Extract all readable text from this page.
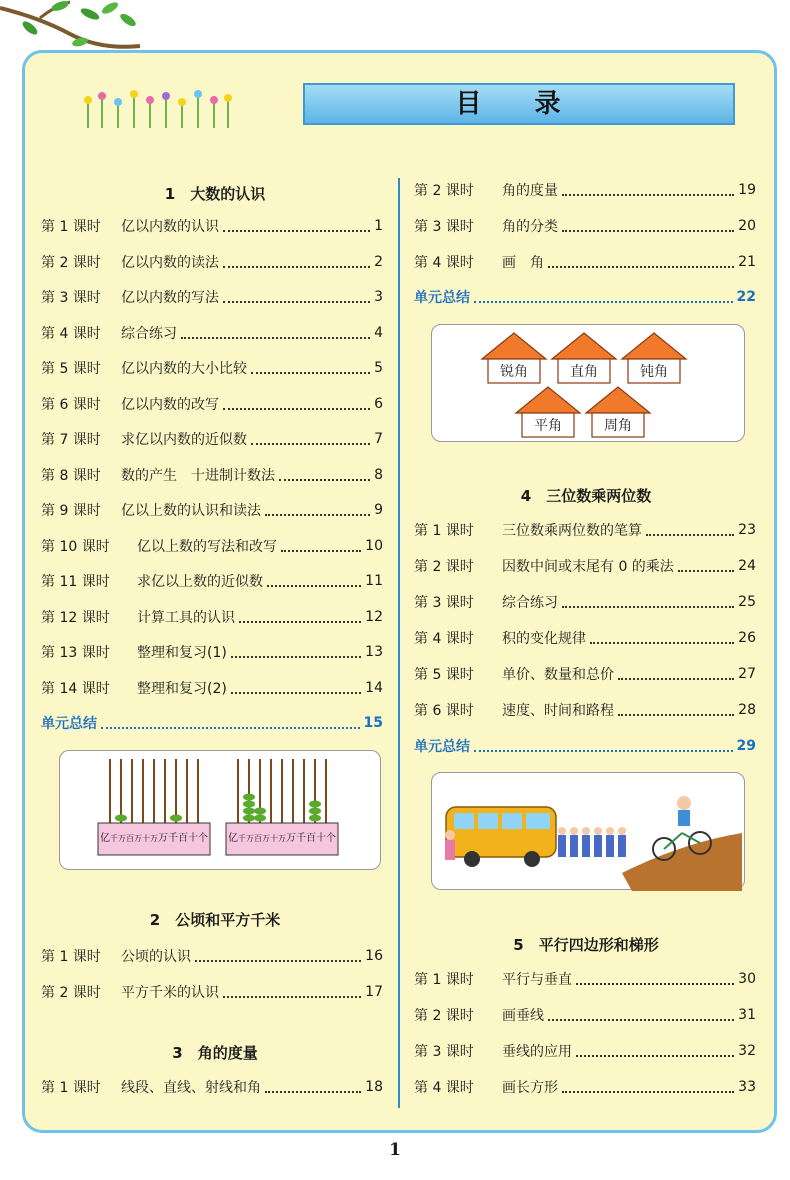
目 录
1　大数的认识
第 1 课时	亿以内数的认识	1
第 2 课时	亿以内数的读法	2
第 3 课时	亿以内数的写法	3
第 4 课时	综合练习	4
第 5 课时	亿以内数的大小比较	5
第 6 课时	亿以内数的改写	6
第 7 课时	求亿以内数的近似数	7
第 8 课时	数的产生　十进制计数法	8
第 9 课时	亿以上数的认识和读法	9
第 10 课时	亿以上数的写法和改写	10
第 11 课时	求亿以上数的近似数	11
第 12 课时	计算工具的认识	12
第 13 课时	整理和复习(1)	13
第 14 课时	整理和复习(2)	14
单元总结	15
亿 千万 百万 十万 万 千 百 十 个 亿 千万 百万 十万 万 千 百 十 个
2　公顷和平方千米
第 1 课时	公顷的认识	16
第 2 课时	平方千米的认识	17
3　角的度量
第 1 课时	线段、直线、射线和角	18
第 2 课时	角的度量	19
第 3 课时	角的分类	20
第 4 课时	画　角	21
单元总结	22
锐角	直角	钝角
平角	周角
4　三位数乘两位数
第 1 课时	三位数乘两位数的笔算	23
第 2 课时	因数中间或末尾有 0 的乘法	24
第 3 课时	综合练习	25
第 4 课时	积的变化规律	26
第 5 课时	单价、数量和总价	27
第 6 课时	速度、时间和路程	28
单元总结	29
5　平行四边形和梯形
第 1 课时	平行与垂直	30
第 2 课时	画垂线	31
第 3 课时	垂线的应用	32
第 4 课时	画长方形	33
1
